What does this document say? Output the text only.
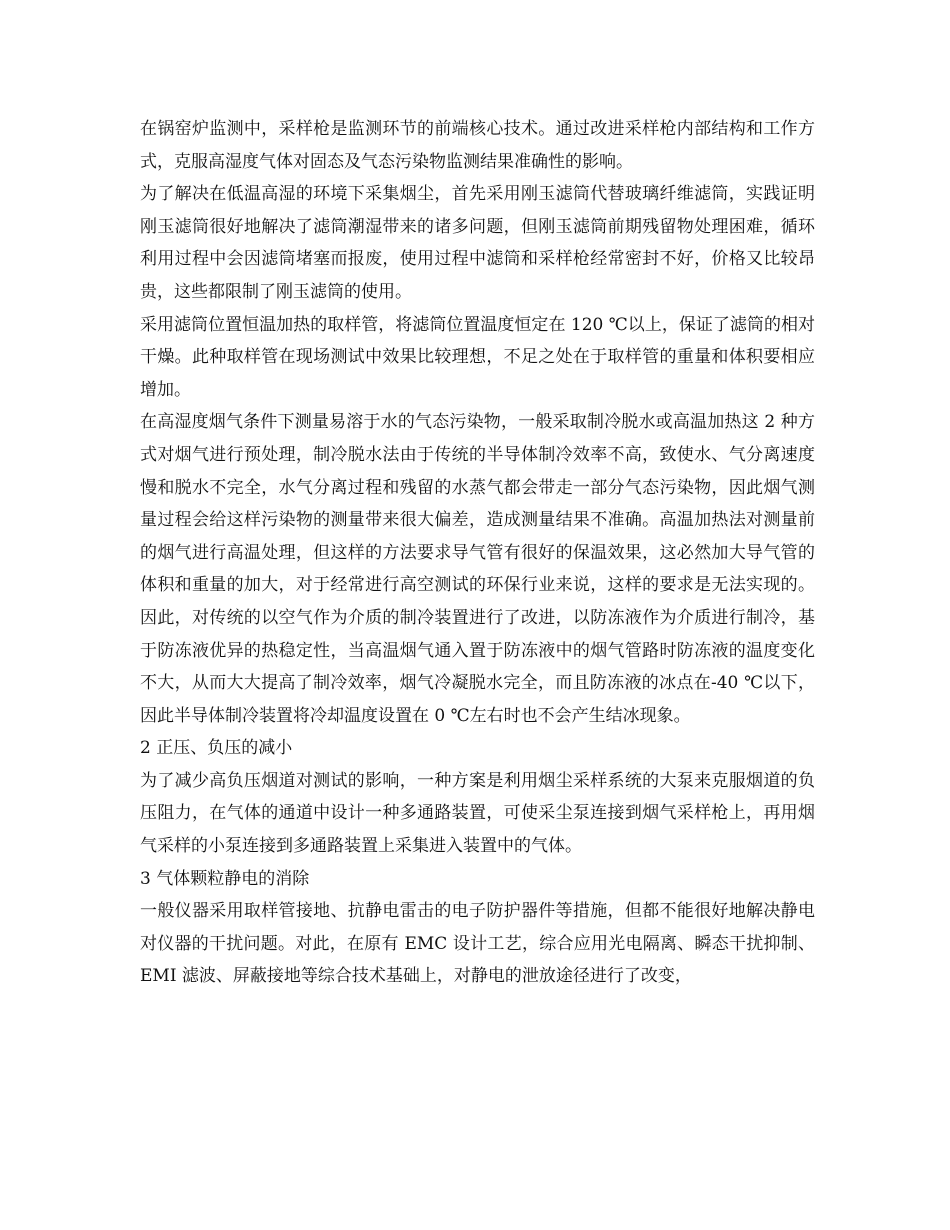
在锅窑炉监测中，采样枪是监测环节的前端核心技术。通过改进采样枪内部结构和工作方式，克服高湿度气体对固态及气态污染物监测结果准确性的影响。

为了解决在低温高湿的环境下采集烟尘，首先采用刚玉滤筒代替玻璃纤维滤筒，实践证明刚玉滤筒很好地解决了滤筒潮湿带来的诸多问题，但刚玉滤筒前期残留物处理困难，循环利用过程中会因滤筒堵塞而报废，使用过程中滤筒和采样枪经常密封不好，价格又比较昂贵，这些都限制了刚玉滤筒的使用。

采用滤筒位置恒温加热的取样管，将滤筒位置温度恒定在 120 ℃以上，保证了滤筒的相对干燥。此种取样管在现场测试中效果比较理想，不足之处在于取样管的重量和体积要相应增加。

在高湿度烟气条件下测量易溶于水的气态污染物，一般采取制冷脱水或高温加热这 2 种方式对烟气进行预处理，制冷脱水法由于传统的半导体制冷效率不高，致使水、气分离速度慢和脱水不完全，水气分离过程和残留的水蒸气都会带走一部分气态污染物，因此烟气测量过程会给这样污染物的测量带来很大偏差，造成测量结果不准确。高温加热法对测量前的烟气进行高温处理，但这样的方法要求导气管有很好的保温效果，这必然加大导气管的体积和重量的加大，对于经常进行高空测试的环保行业来说，这样的要求是无法实现的。因此，对传统的以空气作为介质的制冷装置进行了改进，以防冻液作为介质进行制冷，基于防冻液优异的热稳定性，当高温烟气通入置于防冻液中的烟气管路时防冻液的温度变化不大，从而大大提高了制冷效率，烟气冷凝脱水完全，而且防冻液的冰点在-40 ℃以下，因此半导体制冷装置将冷却温度设置在 0 ℃左右时也不会产生结冰现象。

2 正压、负压的减小

为了减少高负压烟道对测试的影响，一种方案是利用烟尘采样系统的大泵来克服烟道的负压阻力，在气体的通道中设计一种多通路装置，可使采尘泵连接到烟气采样枪上，再用烟气采样的小泵连接到多通路装置上采集进入装置中的气体。

3 气体颗粒静电的消除

一般仪器采用取样管接地、抗静电雷击的电子防护器件等措施，但都不能很好地解决静电对仪器的干扰问题。对此，在原有 EMC 设计工艺，综合应用光电隔离、瞬态干扰抑制、EMI 滤波、屏蔽接地等综合技术基础上，对静电的泄放途径进行了改变，
